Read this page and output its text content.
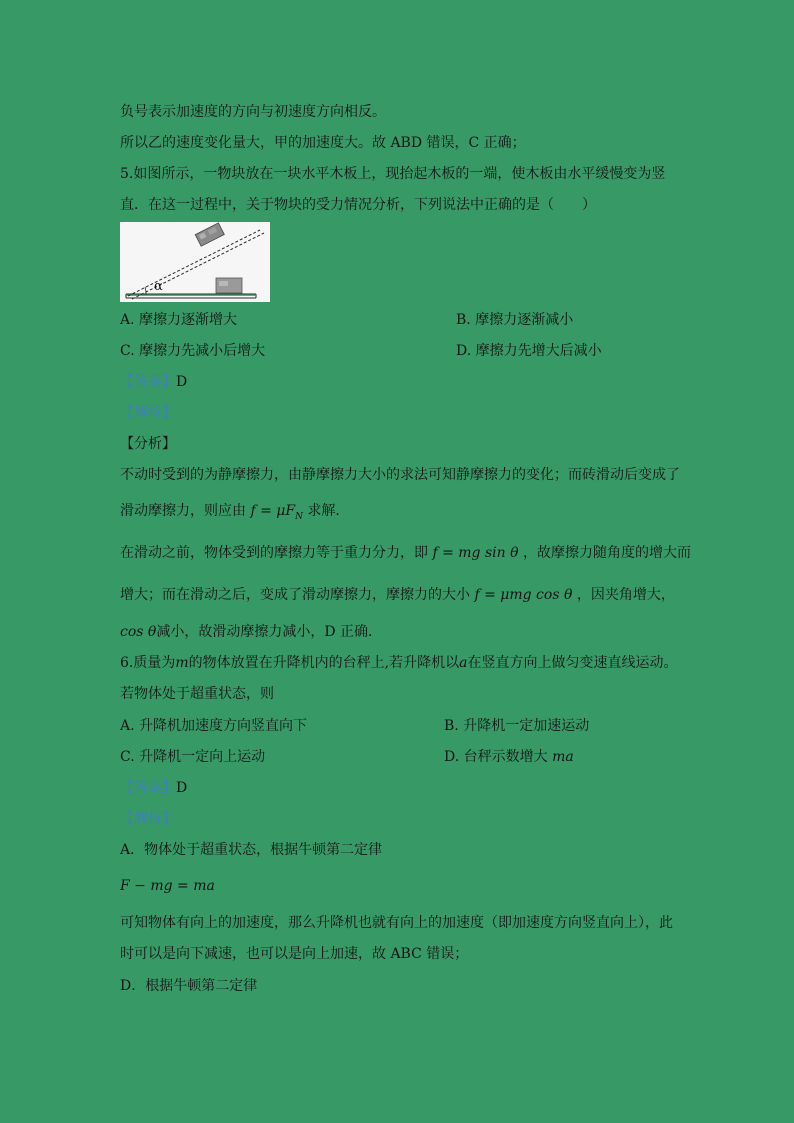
负号表示加速度的方向与初速度方向相反。
所以乙的速度变化量大，甲的加速度大。故 ABD 错误，C 正确；
5.如图所示，一物块放在一块水平木板上，现抬起木板的一端，使木板由水平缓慢变为竖
直．在这一过程中，关于物块的受力情况分析，下列说法中正确的是（　　）
α
A. 摩擦力逐渐增大	B. 摩擦力逐渐减小
C. 摩擦力先减小后增大	D. 摩擦力先增大后减小
【答案】D
【解析】
【分析】
不动时受到的为静摩擦力，由静摩擦力大小的求法可知静摩擦力的变化；而砖滑动后变成了
滑动摩擦力，则应由 $f = \mu F_N$ 求解．
在滑动之前，物体受到的摩擦力等于重力分力，即 f = mg sin θ ，故摩擦力随角度的增大而
增大；而在滑动之后，变成了滑动摩擦力，摩擦力的大小 f = μmg cos θ ，因夹角增大，
cos θ减小，故滑动摩擦力减小，D 正确．
6.质量为m的物体放置在升降机内的台秤上,若升降机以a在竖直方向上做匀变速直线运动。
若物体处于超重状态，则
A. 升降机加速度方向竖直向下	B. 升降机一定加速运动
C. 升降机一定向上运动	D. 台秤示数增大 ma
【答案】D
【解析】
A．物体处于超重状态，根据牛顿第二定律
F − mg = ma
可知物体有向上的加速度，那么升降机也就有向上的加速度（即加速度方向竖直向上），此
时可以是向下减速，也可以是向上加速，故 ABC 错误；
D．根据牛顿第二定律
